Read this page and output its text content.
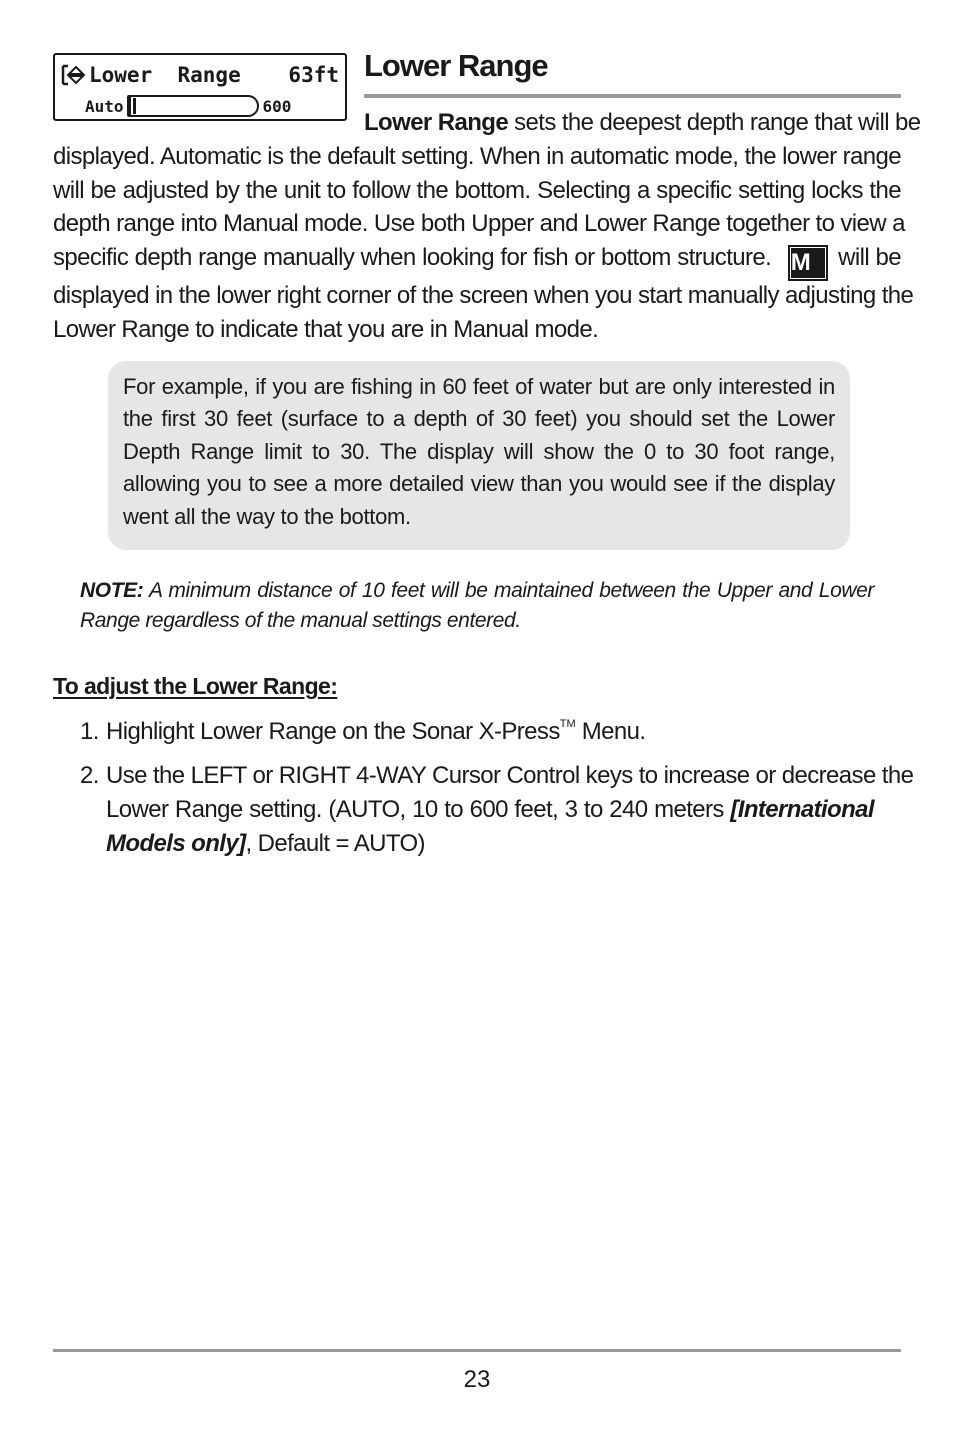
Lower  Range	63ft
Auto	600
Lower Range
Lower Range sets the deepest depth range that will be

displayed. Automatic is the default setting. When in automatic mode, the lower range
will be adjusted by the unit to follow the bottom. Selecting a specific setting locks the
depth range into Manual mode. Use both Upper and Lower Range together to view a
specific depth range manually when looking for fish or bottom structure. M will be
displayed in the lower right corner of the screen when you start manually adjusting the
Lower Range to indicate that you are in Manual mode.

For example, if you are fishing in 60 feet of water but are only interested in
the first 30 feet (surface to a depth of 30 feet) you should set the Lower
Depth Range limit to 30. The display will show the 0 to 30 foot range,
allowing you to see a more detailed view than you would see if the display
went all the way to the bottom.
NOTE: A minimum distance of 10 feet will be maintained between the Upper and Lower
Range regardless of the manual settings entered.
To adjust the Lower Range:
1. Highlight Lower Range on the Sonar X-Press™ Menu.
2. Use the LEFT or RIGHT 4-WAY Cursor Control keys to increase or decrease the
Lower Range setting. (AUTO, 10 to 600 feet, 3 to 240 meters [International
Models only], Default = AUTO)
23
